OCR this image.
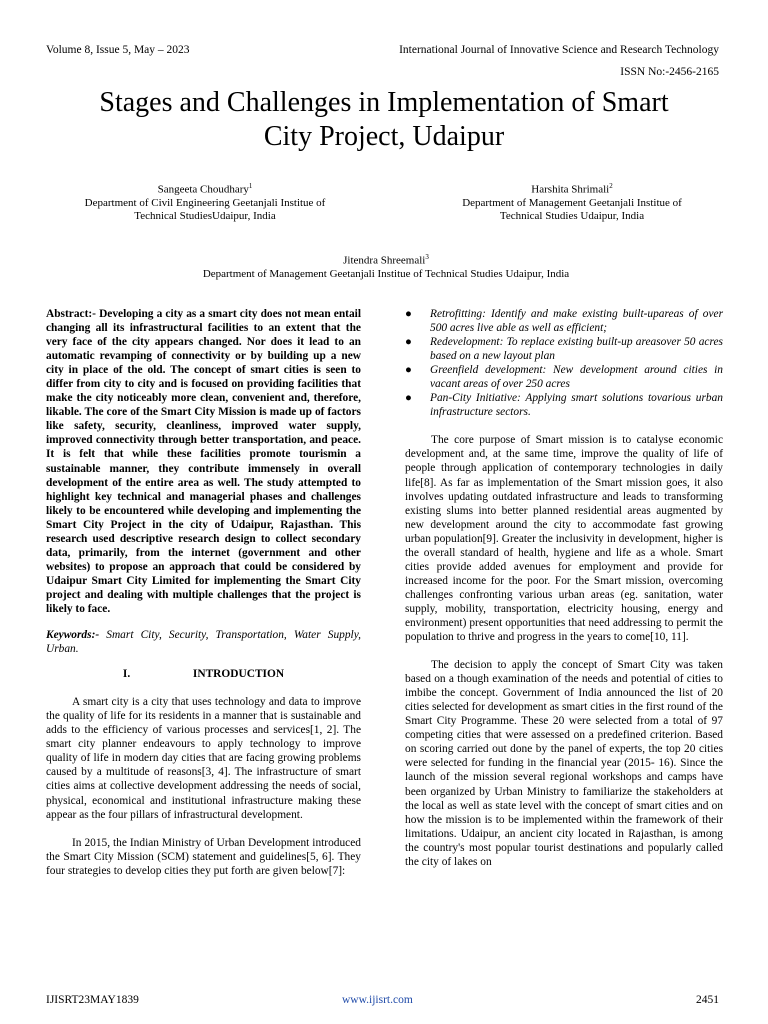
Volume 8, Issue 5, May – 2023	International Journal of Innovative Science and Research Technology
ISSN No:-2456-2165
Stages and Challenges in Implementation of Smart
City Project, Udaipur
Sangeeta Choudhary$^1$
Department of Civil Engineering Geetanjali Institue of
Technical StudiesUdaipur, India
Harshita Shrimali$^2$
Department of Management Geetanjali Institue of
Technical Studies Udaipur, India
Jitendra Shreemali$^3$
Department of Management Geetanjali Institue of Technical Studies Udaipur, India

Abstract:- Developing a city as a smart city does not mean entail changing all its infrastructural facilities to an extent that the very face of the city appears changed. Nor does it lead to an automatic revamping of connectivity or by building up a new city in place of the old. The concept of smart cities is seen to differ from city to city and is focused on providing facilities that make the city noticeably more clean, convenient and, therefore, likable. The core of the Smart City Mission is made up of factors like safety, security, cleanliness, improved water supply, improved connectivity through better transportation, and peace. It is felt that while these facilities promote tourismin a sustainable manner, they contribute immensely in overall development of the entire area as well. The study attempted to highlight key technical and managerial phases and challenges likely to be encountered while developing and implementing the Smart City Project in the city of Udaipur, Rajasthan. This research used descriptive research design to collect secondary data, primarily, from the internet (government and other websites) to propose an approach that could be considered by Udaipur Smart City Limited for implementing the Smart City project and dealing with multiple challenges that the project is likely to face.

Keywords:- Smart City, Security, Transportation, Water Supply, Urban.

I.	INTRODUCTION

A smart city is a city that uses technology and data to improve the quality of life for its residents in a manner that is sustainable and adds to the efficiency of various processes and services[1, 2]. The smart city planner endeavours to apply technology to improve quality of life in modern day cities that are facing growing problems caused by a multitude of reasons[3, 4]. The infrastructure of smart cities aims at collective development addressing the needs of social, physical, economical and institutional infrastructure making these appear as the four pillars of infrastructural development.

In 2015, the Indian Ministry of Urban Development introduced the Smart City Mission (SCM) statement and guidelines[5, 6]. They four strategies to develop cities they put forth are given below[7]:

● Retrofitting: Identify and make existing built-upareas of over 500 acres live able as well as efficient;
● Redevelopment: To replace existing built-up areasover 50 acres based on a new layout plan
● Greenfield development: New development around cities in vacant areas of over 250 acres
● Pan-City Initiative: Applying smart solutions tovarious urban infrastructure sectors.

The core purpose of Smart mission is to catalyse economic development and, at the same time, improve the quality of life of people through application of contemporary technologies in daily life[8]. As far as implementation of the Smart mission goes, it also involves updating outdated infrastructure and leads to transforming existing slums into better planned residential areas augmented by new development around the city to accommodate fast growing urban population[9]. Greater the inclusivity in development, higher is the overall standard of health, hygiene and life as a whole. Smart cities provide added avenues for employment and provide for increased income for the poor. For the Smart mission, overcoming challenges confronting various urban areas (eg. sanitation, water supply, mobility, transportation, electricity housing, energy and environment) present opportunities that need addressing to permit the population to thrive and progress in the years to come[10, 11].

The decision to apply the concept of Smart City was taken based on a though examination of the needs and potential of cities to imbibe the concept. Government of India announced the list of 20 cities selected for development as smart cities in the first round of the Smart City Programme. These 20 were selected from a total of 97 competing cities that were assessed on a predefined criterion. Based on scoring carried out done by the panel of experts, the top 20 cities were selected for funding in the financial year (2015- 16). Since the launch of the mission several regional workshops and camps have been organized by Urban Ministry to familiarize the stakeholders at the local as well as state level with the concept of smart cities and on how the mission is to be implemented within the framework of their limitations. Udaipur, an ancient city located in Rajasthan, is among the country's most popular tourist destinations and popularly called the city of lakes on

IJISRT23MAY1839	www.ijisrt.com	2451
